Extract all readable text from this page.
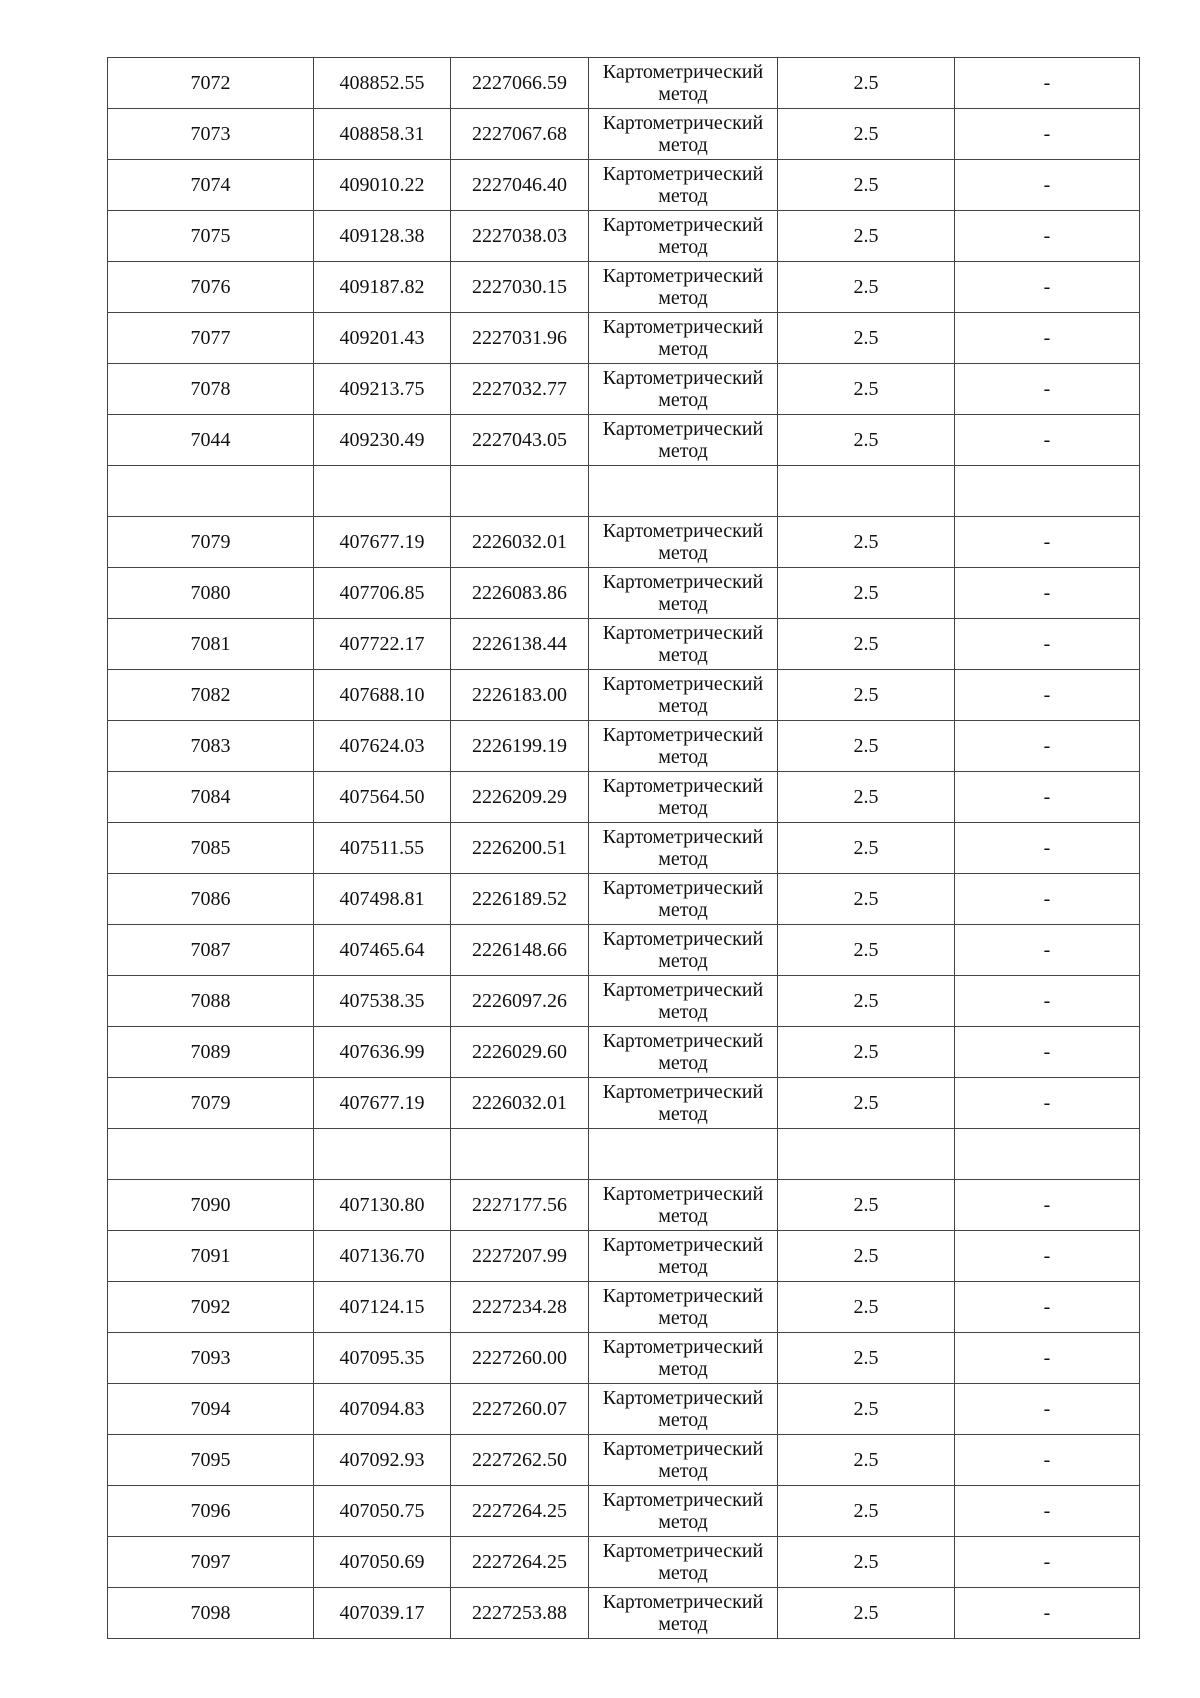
7072	408852.55	2227066.59	Картометрический метод	2.5	-
7073	408858.31	2227067.68	Картометрический метод	2.5	-
7074	409010.22	2227046.40	Картометрический метод	2.5	-
7075	409128.38	2227038.03	Картометрический метод	2.5	-
7076	409187.82	2227030.15	Картометрический метод	2.5	-
7077	409201.43	2227031.96	Картометрический метод	2.5	-
7078	409213.75	2227032.77	Картометрический метод	2.5	-
7044	409230.49	2227043.05	Картометрический метод	2.5	-

7079	407677.19	2226032.01	Картометрический метод	2.5	-
7080	407706.85	2226083.86	Картометрический метод	2.5	-
7081	407722.17	2226138.44	Картометрический метод	2.5	-
7082	407688.10	2226183.00	Картометрический метод	2.5	-
7083	407624.03	2226199.19	Картометрический метод	2.5	-
7084	407564.50	2226209.29	Картометрический метод	2.5	-
7085	407511.55	2226200.51	Картометрический метод	2.5	-
7086	407498.81	2226189.52	Картометрический метод	2.5	-
7087	407465.64	2226148.66	Картометрический метод	2.5	-
7088	407538.35	2226097.26	Картометрический метод	2.5	-
7089	407636.99	2226029.60	Картометрический метод	2.5	-
7079	407677.19	2226032.01	Картометрический метод	2.5	-

7090	407130.80	2227177.56	Картометрический метод	2.5	-
7091	407136.70	2227207.99	Картометрический метод	2.5	-
7092	407124.15	2227234.28	Картометрический метод	2.5	-
7093	407095.35	2227260.00	Картометрический метод	2.5	-
7094	407094.83	2227260.07	Картометрический метод	2.5	-
7095	407092.93	2227262.50	Картометрический метод	2.5	-
7096	407050.75	2227264.25	Картометрический метод	2.5	-
7097	407050.69	2227264.25	Картометрический метод	2.5	-
7098	407039.17	2227253.88	Картометрический метод	2.5	-
